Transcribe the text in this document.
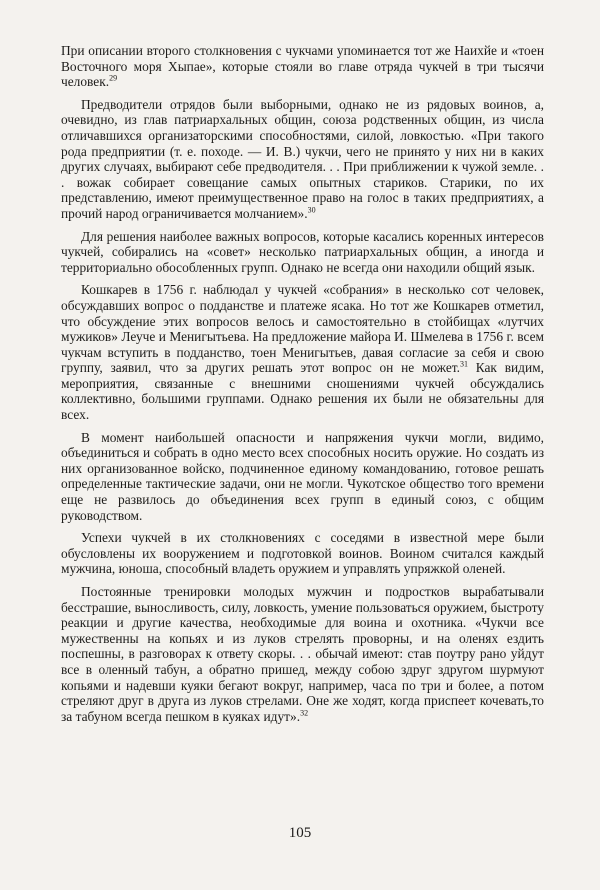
При описании второго столкновения с чукчами упоминается тот же Наихйе и «тоен Восточного моря Хыпае», которые стояли во главе отряда чукчей в три тысячи человек.$^{29}$

Предводители отрядов были выборными, однако не из рядовых воинов, а, очевидно, из глав патриархальных общин, союза родственных общин, из числа отличавшихся организаторскими способностями, силой, ловкостью. «При такого рода предприятии (т. е. походе. — И. В.) чукчи, чего не принято у них ни в каких других случаях, выбирают себе предводителя. . . При приближении к чужой земле. . . вожак собирает совещание самых опытных стариков. Старики, по их представлению, имеют преимущественное право на голос в таких предприятиях, а прочий народ ограничивается молчанием».$^{30}$

Для решения наиболее важных вопросов, которые касались коренных интересов чукчей, собирались на «совет» несколько патриархальных общин, а иногда и территориально обособленных групп. Однако не всегда они находили общий язык.

Кошкарев в 1756 г. наблюдал у чукчей «собрания» в несколько сот человек, обсуждавших вопрос о подданстве и платеже ясака. Но тот же Кошкарев отметил, что обсуждение этих вопросов велось и самостоятельно в стойбищах «лутчих мужиков» Леуче и Менигытьева. На предложение майора И. Шмелева в 1756 г. всем чукчам вступить в подданство, тоен Менигытьев, давая согласие за себя и свою группу, заявил, что за других решать этот вопрос он не может.$^{31}$ Как видим, мероприятия, связанные с внешними сношениями чукчей обсуждались коллективно, большими группами. Однако решения их были не обязательны для всех.

В момент наибольшей опасности и напряжения чукчи могли, видимо, объединиться и собрать в одно место всех способных носить оружие. Но создать из них организованное войско, подчиненное единому командованию, готовое решать определенные тактические задачи, они не могли. Чукотское общество того времени еще не развилось до объединения всех групп в единый союз, с общим руководством.

Успехи чукчей в их столкновениях с соседями в известной мере были обусловлены их вооружением и подготовкой воинов. Воином считался каждый мужчина, юноша, способный владеть оружием и управлять упряжкой оленей.

Постоянные тренировки молодых мужчин и подростков вырабатывали бесстрашие, выносливость, силу, ловкость, умение пользоваться оружием, быстроту реакции и другие качества, необходимые для воина и охотника. «Чукчи все мужественны на копьях и из луков стрелять проворны, и на оленях ездить поспешны, в разговорах к ответу скоры. . . обычай имеют: став поутру рано уйдут все в оленный табун, а обратно пришед, между собою здруг здругом шурмуют копьями и надевши куяки бегают вокруг, например, часа по три и более, а потом стреляют друг в друга из луков стрелами. Оне же ходят, когда приспеет кочевать,то за табуном всегда пешком в куяках идут».$^{32}$

105
